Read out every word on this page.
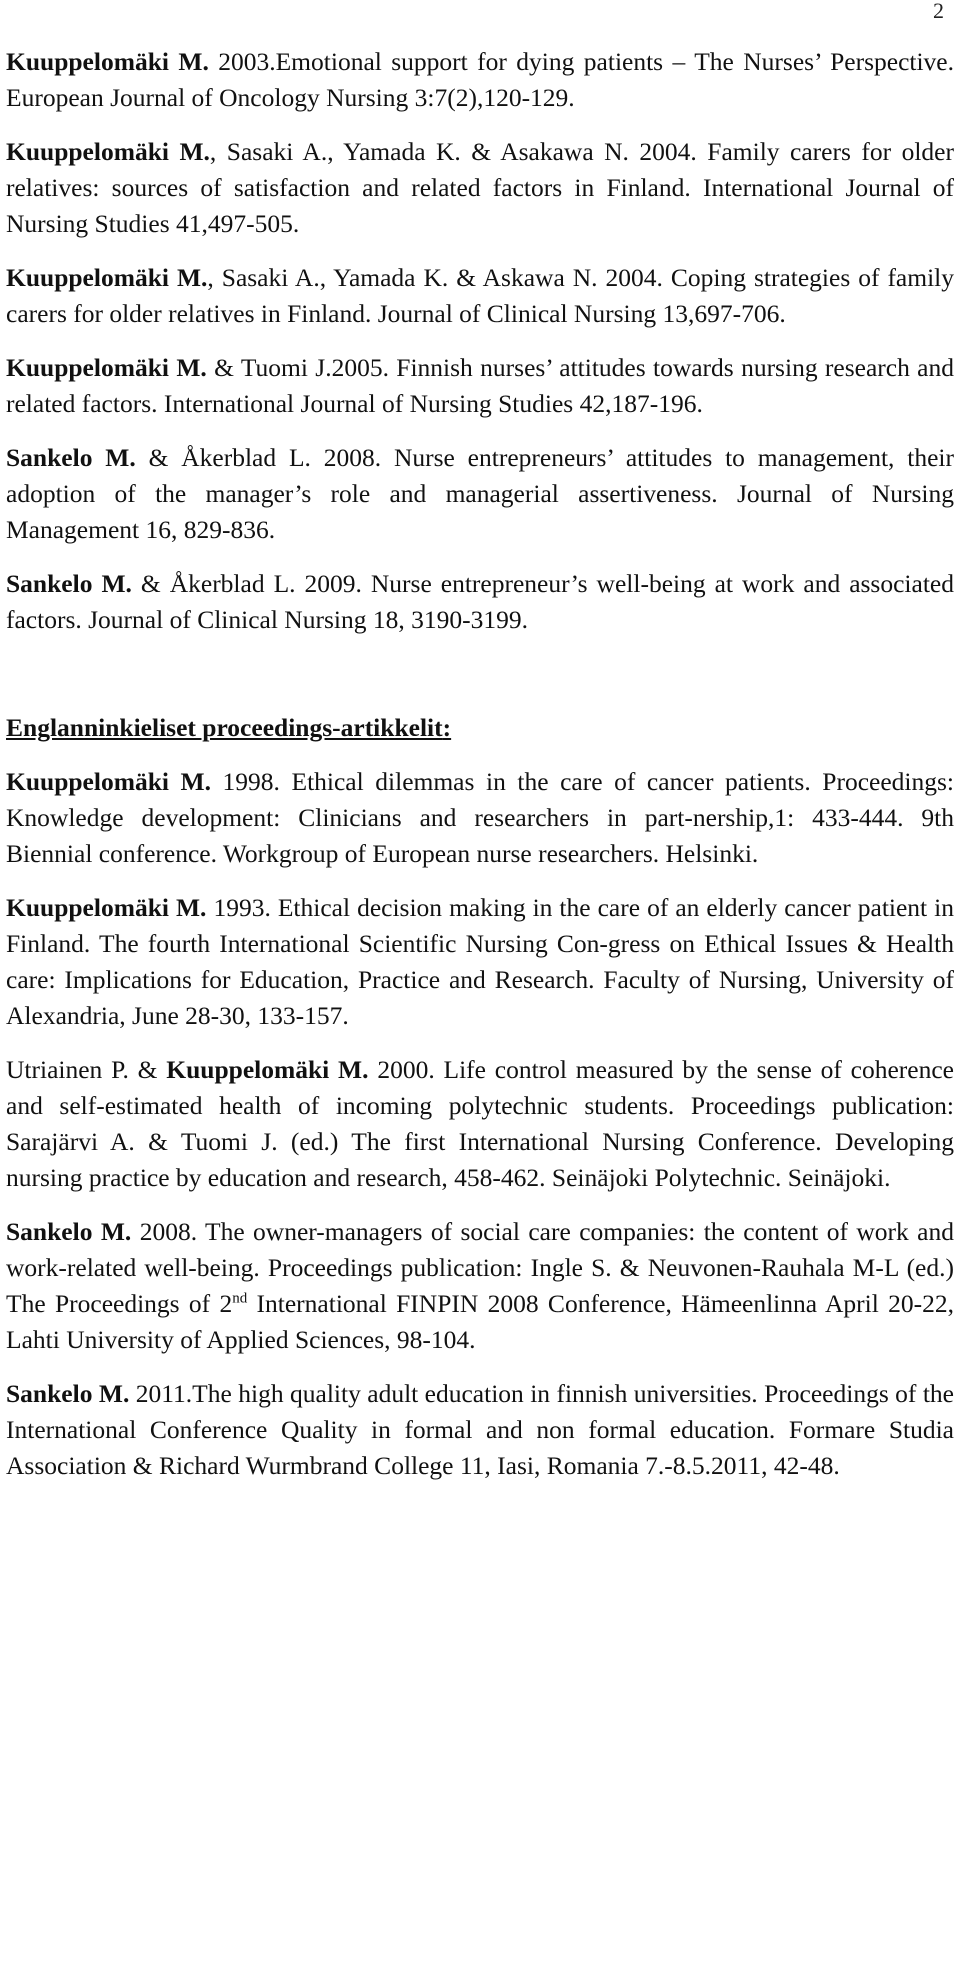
2

Kuuppelomäki M. 2003.Emotional support for dying patients – The Nurses’ Perspective. European Journal of Oncology Nursing 3:7(2),120-129.

Kuuppelomäki M., Sasaki A., Yamada K. & Asakawa N. 2004. Family carers for older relatives: sources of satisfaction and related factors in Finland. International Journal of Nursing Studies 41,497-505.

Kuuppelomäki M., Sasaki A., Yamada K. & Askawa N. 2004. Coping strategies of family carers for older relatives in Finland. Journal of Clinical Nursing 13,697-706.

Kuuppelomäki M. & Tuomi J.2005. Finnish nurses’ attitudes towards nursing research and related factors. International Journal of Nursing Studies 42,187-196.

Sankelo M. & Åkerblad L. 2008. Nurse entrepreneurs’ attitudes to management, their adoption of the manager’s role and managerial assertiveness. Journal of Nursing Management 16, 829-836.

Sankelo M. & Åkerblad L. 2009. Nurse entrepreneur’s well-being at work and associated factors. Journal of Clinical Nursing 18, 3190-3199.

Englanninkieliset proceedings-artikkelit:

Kuuppelomäki M. 1998. Ethical dilemmas in the care of cancer patients. Proceedings: Knowledge development: Clinicians and researchers in part-nership,1: 433-444. 9th Biennial conference. Workgroup of European nurse researchers. Helsinki.

Kuuppelomäki M. 1993. Ethical decision making in the care of an elderly cancer patient in Finland. The fourth International Scientific Nursing Con-gress on Ethical Issues & Health care: Implications for Education, Practice and Research. Faculty of Nursing, University of Alexandria, June 28-30, 133-157.

Utriainen P. & Kuuppelomäki M. 2000. Life control measured by the sense of coherence and self-estimated health of incoming polytechnic students. Proceedings publication: Sarajärvi A. & Tuomi J. (ed.) The first International Nursing Conference. Developing nursing practice by education and research, 458-462. Seinäjoki Polytechnic. Seinäjoki.

Sankelo M. 2008. The owner-managers of social care companies: the content of work and work-related well-being. Proceedings publication: Ingle S. & Neuvonen-Rauhala M-L (ed.) The Proceedings of 2nd International FINPIN 2008 Conference, Hämeenlinna April 20-22, Lahti University of Applied Sciences, 98-104.

Sankelo M. 2011.The high quality adult education in finnish universities. Proceedings of the International Conference Quality in formal and non formal education. Formare Studia Association & Richard Wurmbrand College 11, Iasi, Romania 7.-8.5.2011, 42-48.
